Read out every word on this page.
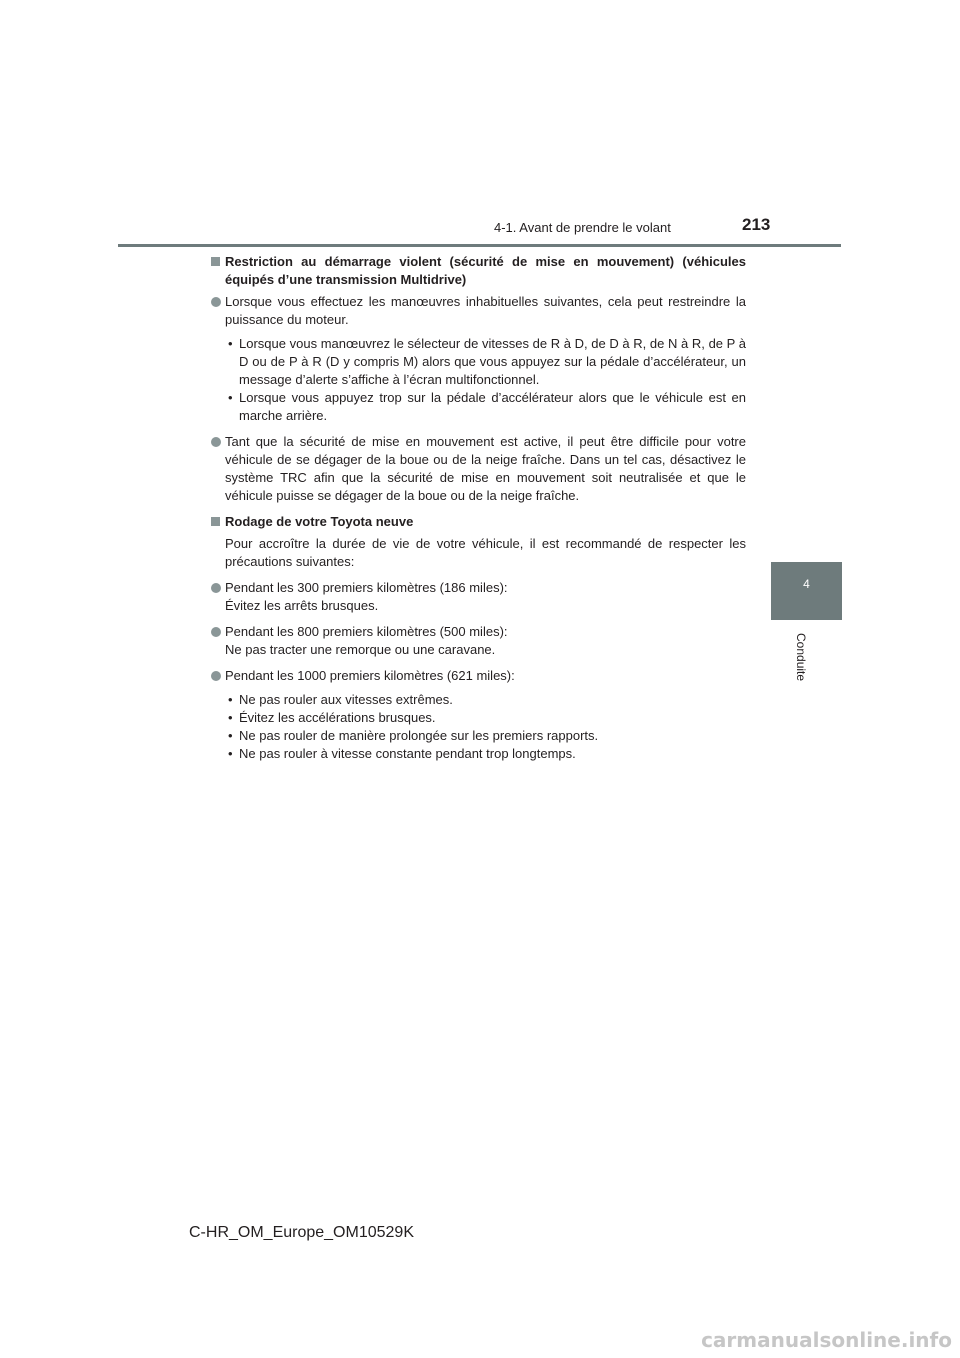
4-1. Avant de prendre le volant	213
4
Conduite
Restriction au démarrage violent (sécurité de mise en mouvement) (véhicules équipés d’une transmission Multidrive)
Lorsque vous effectuez les manœuvres inhabituelles suivantes, cela peut restreindre la puissance du moteur.
• Lorsque vous manœuvrez le sélecteur de vitesses de R à D, de D à R, de N à R, de P à D ou de P à R (D y compris M) alors que vous appuyez sur la pédale d’accélérateur, un message d’alerte s’affiche à l’écran multifonctionnel.
• Lorsque vous appuyez trop sur la pédale d’accélérateur alors que le véhicule est en marche arrière.
Tant que la sécurité de mise en mouvement est active, il peut être difficile pour votre véhicule de se dégager de la boue ou de la neige fraîche. Dans un tel cas, désactivez le système TRC afin que la sécurité de mise en mouvement soit neutralisée et que le véhicule puisse se dégager de la boue ou de la neige fraîche.
Rodage de votre Toyota neuve
Pour accroître la durée de vie de votre véhicule, il est recommandé de respecter les précautions suivantes:
Pendant les 300 premiers kilomètres (186 miles):
Évitez les arrêts brusques.
Pendant les 800 premiers kilomètres (500 miles):
Ne pas tracter une remorque ou une caravane.
Pendant les 1000 premiers kilomètres (621 miles):
• Ne pas rouler aux vitesses extrêmes.
• Évitez les accélérations brusques.
• Ne pas rouler de manière prolongée sur les premiers rapports.
• Ne pas rouler à vitesse constante pendant trop longtemps.
C-HR_OM_Europe_OM10529K
carmanualsonline.info
